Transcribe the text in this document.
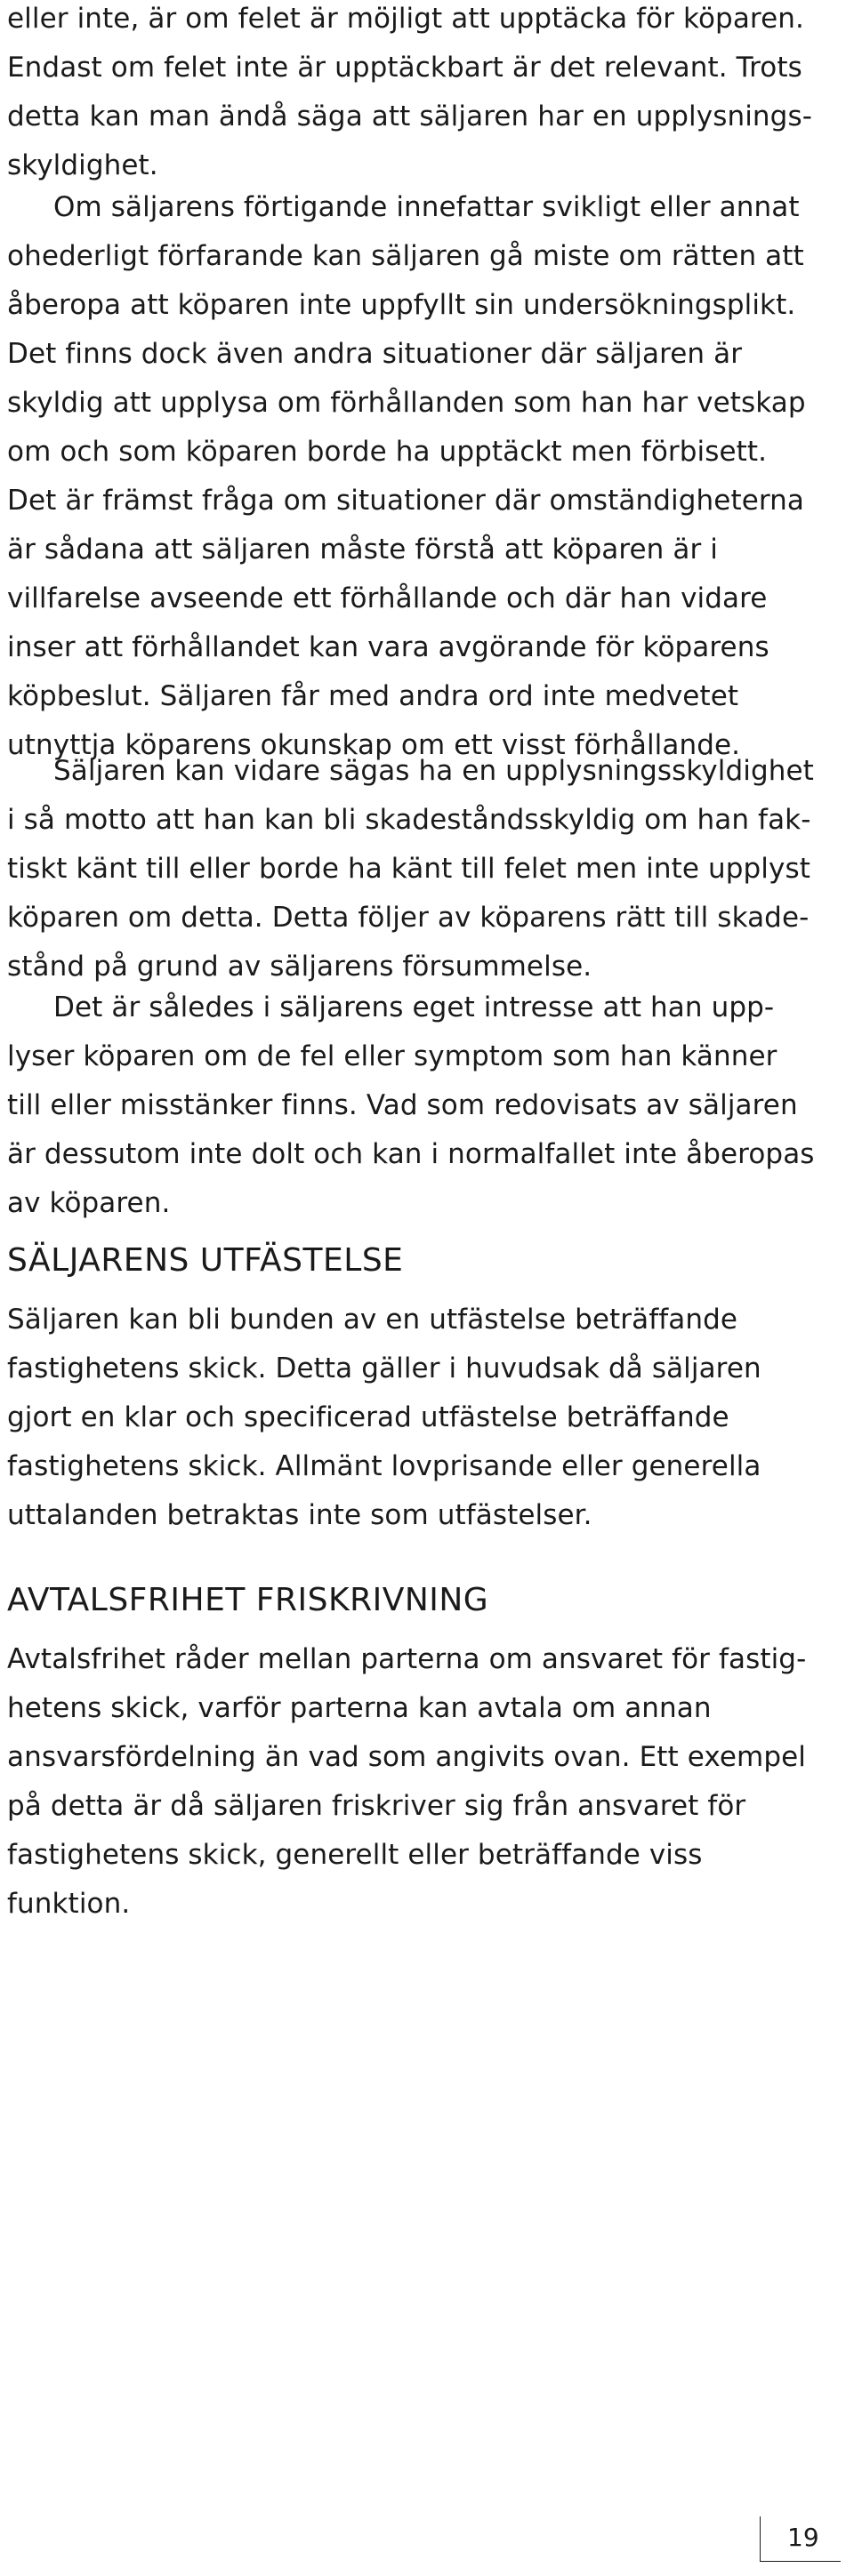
eller inte, är om felet är möjligt att upptäcka för köparen. Endast om felet inte är upptäckbart är det relevant. Trots detta kan man ändå säga att säljaren har en upplysningsskyldighet.

Om säljarens förtigande innefattar svikligt eller annat ohederligt förfarande kan säljaren gå miste om rätten att åberopa att köparen inte uppfyllt sin undersökningsplikt. Det finns dock även andra situationer där säljaren är skyldig att upplysa om förhållanden som han har vetskap om och som köparen borde ha upptäckt men förbisett. Det är främst fråga om situationer där omständigheterna är sådana att säljaren måste förstå att köparen är i villfarelse avseende ett förhållande och där han vidare inser att förhållandet kan vara avgörande för köparens köpbeslut. Säljaren får med andra ord inte medvetet utnyttja köparens okunskap om ett visst förhållande.

Säljaren kan vidare sägas ha en upplysningsskyldighet i så motto att han kan bli skadeståndsskyldig om han faktiskt känt till eller borde ha känt till felet men inte upplyst köparen om detta. Detta följer av köparens rätt till skadestånd på grund av säljarens försummelse.

Det är således i säljarens eget intresse att han upplyser köparen om de fel eller symptom som han känner till eller misstänker finns. Vad som redovisats av säljaren är dessutom inte dolt och kan i normalfallet inte åberopas av köparen.

SÄLJARENS UTFÄSTELSE

Säljaren kan bli bunden av en utfästelse beträffande fastighetens skick. Detta gäller i huvudsak då säljaren gjort en klar och specificerad utfästelse beträffande fastighetens skick. Allmänt lovprisande eller generella uttalanden betraktas inte som utfästelser.

AVTALSFRIHET FRISKRIVNING

Avtalsfrihet råder mellan parterna om ansvaret för fastighetens skick, varför parterna kan avtala om annan ansvarsfördelning än vad som angivits ovan. Ett exempel på detta är då säljaren friskriver sig från ansvaret för fastighetens skick, generellt eller beträffande viss funktion.

19
